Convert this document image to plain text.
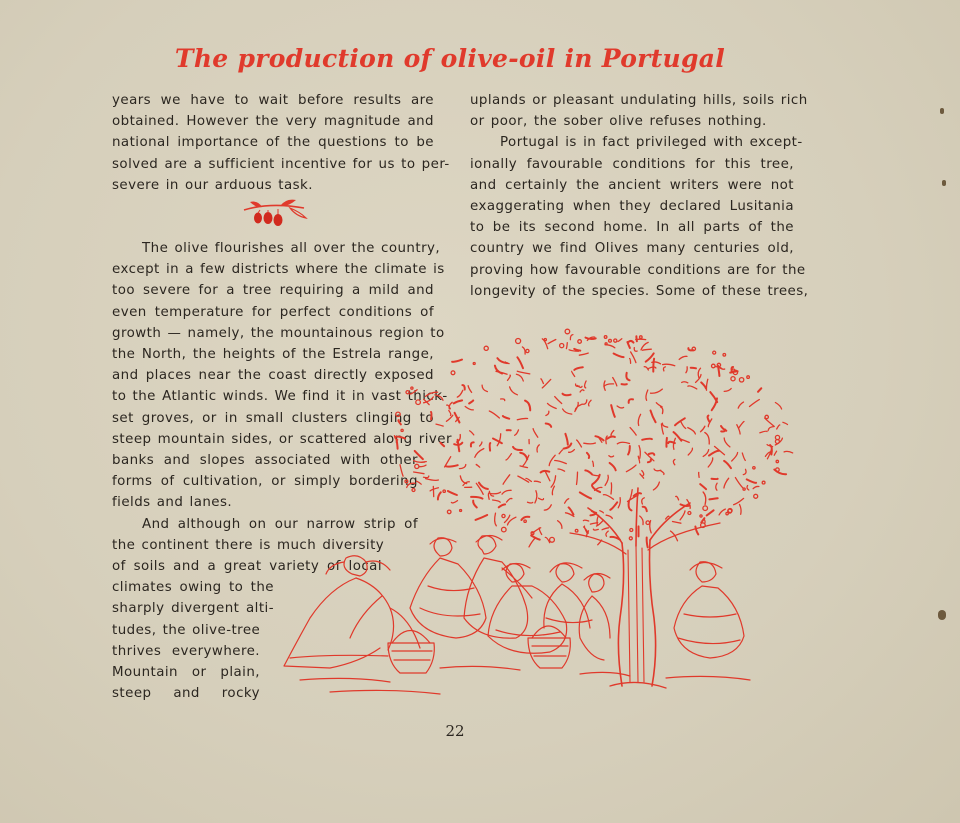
The production of olive-oil in Portugal
years we have to wait before results are
obtained. However the very magnitude and
national importance of the questions to be
solved are a sufficient incentive for us to per-
severe in our arduous task.
The olive flourishes all over the country,
except in a few districts where the climate is
too severe for a tree requiring a mild and
even temperature for perfect conditions of
growth — namely, the mountainous region to
the North, the heights of the Estrela range,
and places near the coast directly exposed
to the Atlantic winds. We find it in vast thick-
set groves, or in small clusters clinging to
steep mountain sides, or scattered along river
banks and slopes associated with other
forms of cultivation, or simply bordering
fields and lanes.
And although on our narrow strip of
the continent there is much diversity
of soils and a great variety of local
climates owing to the
sharply divergent alti-
tudes, the olive-tree
thrives everywhere.
Mountain or plain,
steep and rocky
uplands or pleasant undulating hills, soils rich
or poor, the sober olive refuses nothing.
Portugal is in fact privileged with except-
ionally favourable conditions for this tree,
and certainly the ancient writers were not
exaggerating when they declared Lusitania
to be its second home. In all parts of the
country we find Olives many centuries old,
proving how favourable conditions are for the
longevity of the species. Some of these trees,
22
